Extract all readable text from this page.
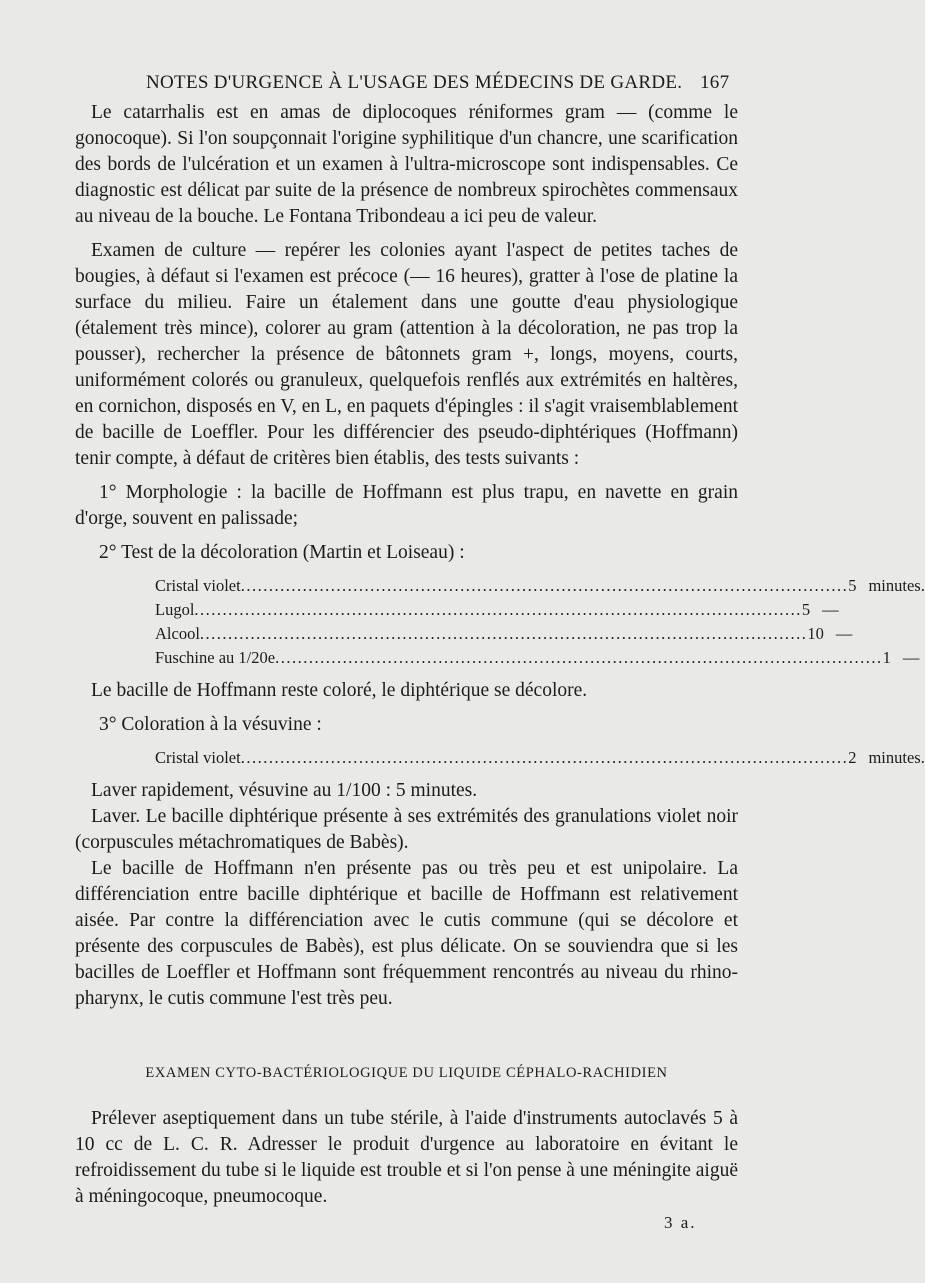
NOTES D'URGENCE À L'USAGE DES MÉDECINS DE GARDE. 167

Le catarrhalis est en amas de diplocoques réniformes gram — (comme le gonocoque). Si l'on soupçonnait l'origine syphilitique d'un chancre, une scarification des bords de l'ulcération et un examen à l'ultra-microscope sont indispensables. Ce diagnostic est délicat par suite de la présence de nombreux spirochètes commensaux au niveau de la bouche. Le Fontana Tribondeau a ici peu de valeur.

Examen de culture — repérer les colonies ayant l'aspect de petites taches de bougies, à défaut si l'examen est précoce (— 16 heures), gratter à l'ose de platine la surface du milieu. Faire un étalement dans une goutte d'eau physiologique (étalement très mince), colorer au gram (attention à la décoloration, ne pas trop la pousser), rechercher la présence de bâtonnets gram +, longs, moyens, courts, uniformément colorés ou granuleux, quelquefois renflés aux extrémités en haltères, en cornichon, disposés en V, en L, en paquets d'épingles : il s'agit vraisemblablement de bacille de Loeffler. Pour les différencier des pseudo-diphtériques (Hoffmann) tenir compte, à défaut de critères bien établis, des tests suivants :

1° Morphologie : la bacille de Hoffmann est plus trapu, en navette en grain d'orge, souvent en palissade;

2° Test de la décoloration (Martin et Loiseau) :

Cristal violet ............................................................................................................ 5 minutes.
Lugol ............................................................................................................ 5 —
Alcool ............................................................................................................ 10 —
Fuschine au 1/20e ............................................................................................................ 1 —

Le bacille de Hoffmann reste coloré, le diphtérique se décolore.

3° Coloration à la vésuvine :

Cristal violet ............................................................................................................ 2 minutes.

Laver rapidement, vésuvine au 1/100 : 5 minutes.

Laver. Le bacille diphtérique présente à ses extrémités des granulations violet noir (corpuscules métachromatiques de Babès).

Le bacille de Hoffmann n'en présente pas ou très peu et est unipolaire. La différenciation entre bacille diphtérique et bacille de Hoffmann est relativement aisée. Par contre la différenciation avec le cutis commune (qui se décolore et présente des corpuscules de Babès), est plus délicate. On se souviendra que si les bacilles de Loeffler et Hoffmann sont fréquemment rencontrés au niveau du rhino-pharynx, le cutis commune l'est très peu.

EXAMEN CYTO-BACTÉRIOLOGIQUE DU LIQUIDE CÉPHALO-RACHIDIEN

Prélever aseptiquement dans un tube stérile, à l'aide d'instruments autoclavés 5 à 10 cc de L. C. R. Adresser le produit d'urgence au laboratoire en évitant le refroidissement du tube si le liquide est trouble et si l'on pense à une méningite aiguë à méningocoque, pneumocoque.

3 a.
